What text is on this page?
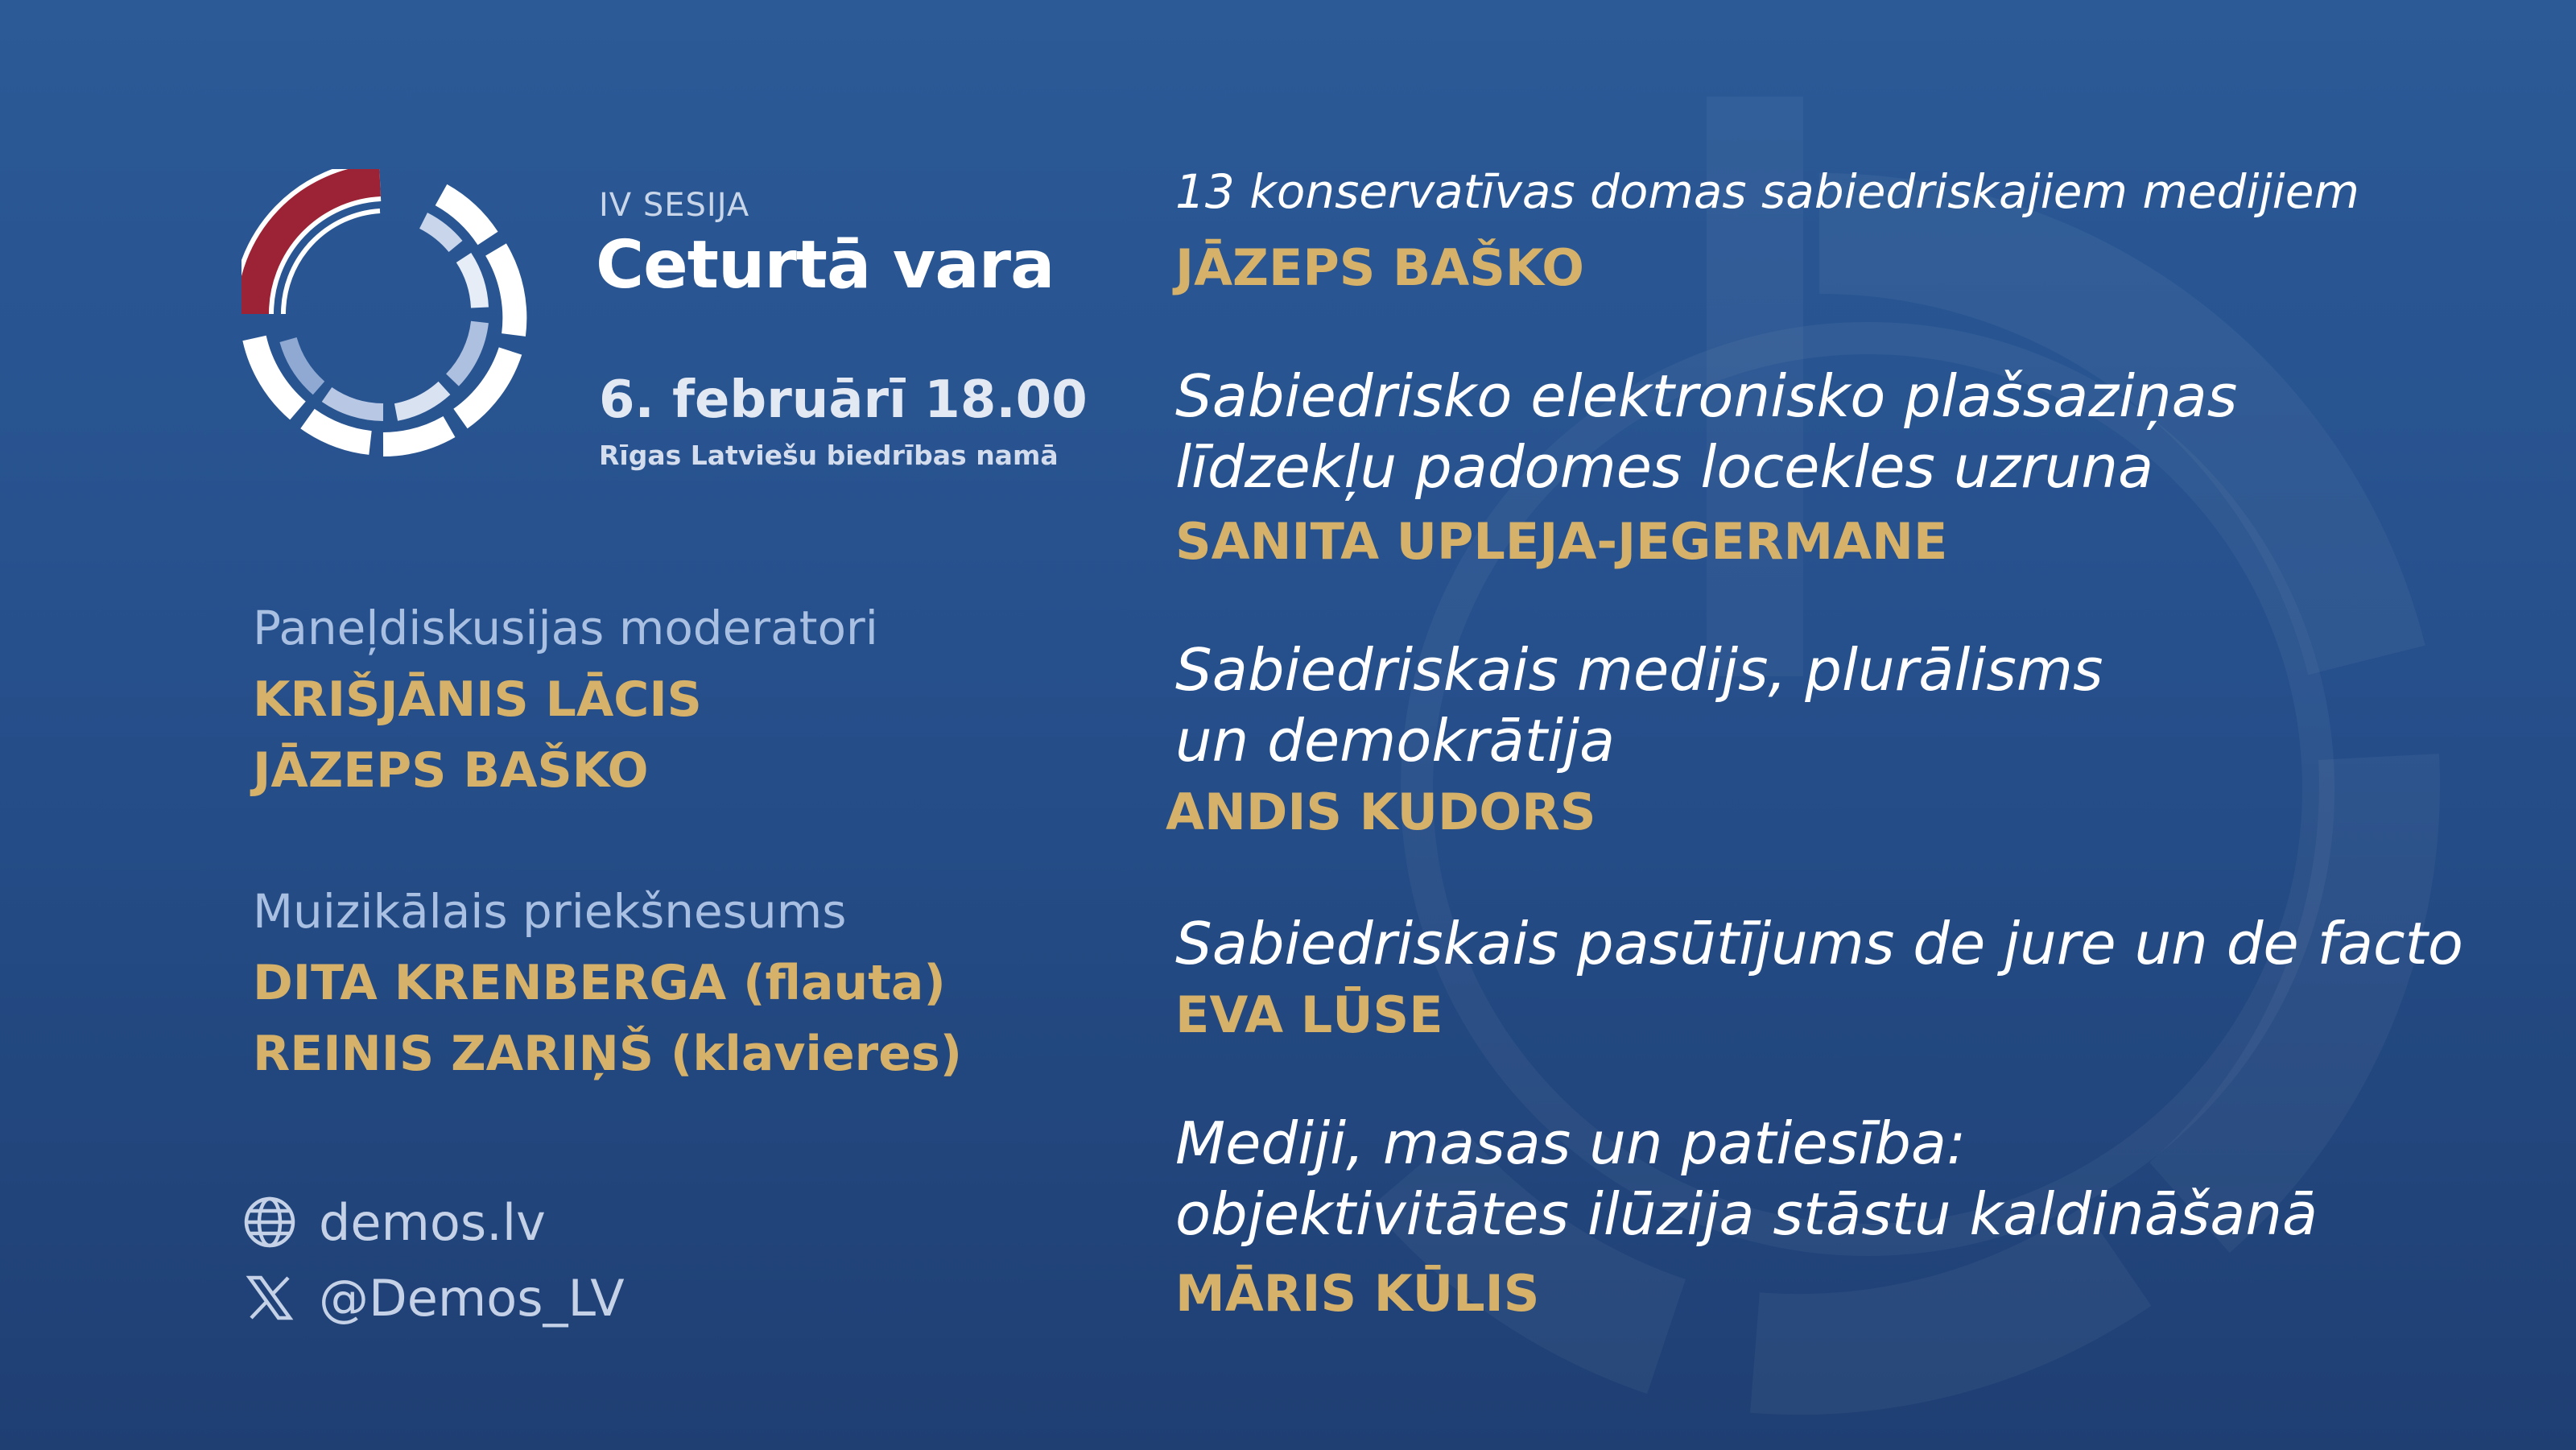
IV SESIJA
Ceturtā vara
6. februārī 18.00
Rīgas Latviešu biedrības namā
Paneļdiskusijas moderatori
KRIŠJĀNIS LĀCIS
JĀZEPS BAŠKO
Muizikālais priekšnesums
DITA KRENBERGA (flauta)
REINIS ZARIŅŠ (klavieres)
demos.lv
@Demos_LV
13 konservatīvas domas sabiedriskajiem medijiem
JĀZEPS BAŠKO
Sabiedrisko elektronisko plašsaziņas
līdzekļu padomes locekles uzruna
SANITA UPLEJA-JEGERMANE
Sabiedriskais medijs, plurālisms
un demokrātija
ANDIS KUDORS
Sabiedriskais pasūtījums de jure un de facto
EVA LŪSE
Mediji, masas un patiesība:
objektivitātes ilūzija stāstu kaldināšanā
MĀRIS KŪLIS
